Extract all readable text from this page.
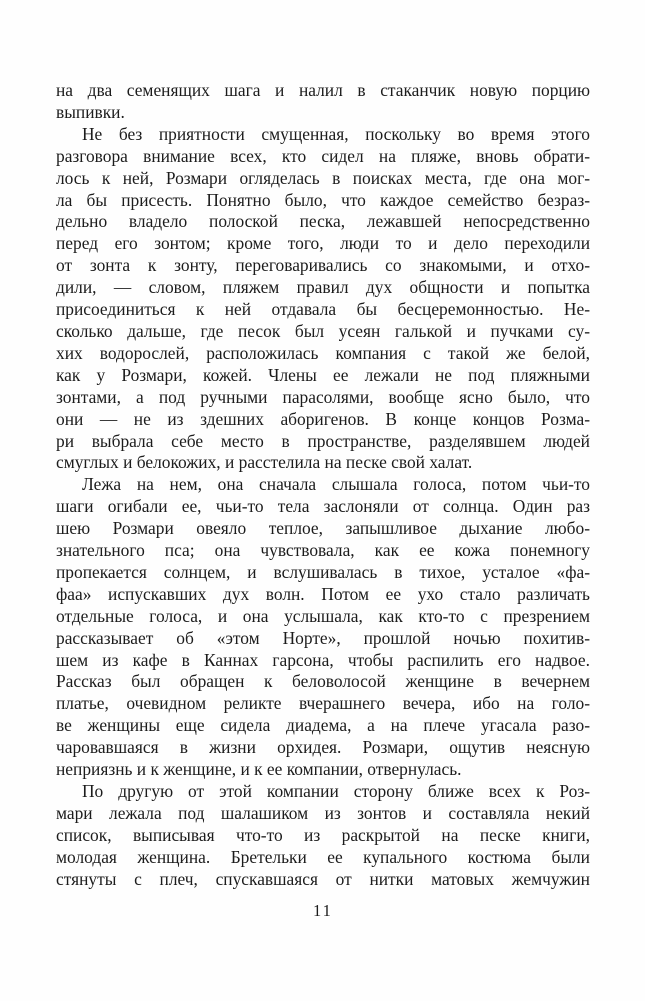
на два семенящих шага и налил в стаканчик новую порцию
выпивки.
Не без приятности смущенная, поскольку во время этого
разговора внимание всех, кто сидел на пляже, вновь обрати-
лось к ней, Розмари огляделась в поисках места, где она мог-
ла бы присесть. Понятно было, что каждое семейство безраз-
дельно владело полоской песка, лежавшей непосредственно
перед его зонтом; кроме того, люди то и дело переходили
от зонта к зонту, переговаривались со знакомыми, и отхо-
дили, — словом, пляжем правил дух общности и попытка
присоединиться к ней отдавала бы бесцеремонностью. Не-
сколько дальше, где песок был усеян галькой и пучками су-
хих водорослей, расположилась компания с такой же белой,
как у Розмари, кожей. Члены ее лежали не под пляжными
зонтами, а под ручными парасолями, вообще ясно было, что
они — не из здешних аборигенов. В конце концов Розма-
ри выбрала себе место в пространстве, разделявшем людей
смуглых и белокожих, и расстелила на песке свой халат.
Лежа на нем, она сначала слышала голоса, потом чьи-то
шаги огибали ее, чьи-то тела заслоняли от солнца. Один раз
шею Розмари овеяло теплое, запышливое дыхание любо-
знательного пса; она чувствовала, как ее кожа понемногу
пропекается солнцем, и вслушивалась в тихое, усталое «фа-
фаа» испускавших дух волн. Потом ее ухо стало различать
отдельные голоса, и она услышала, как кто-то с презрением
рассказывает об «этом Норте», прошлой ночью похитив-
шем из кафе в Каннах гарсона, чтобы распилить его надвое.
Рассказ был обращен к беловолосой женщине в вечернем
платье, очевидном реликте вчерашнего вечера, ибо на голо-
ве женщины еще сидела диадема, а на плече угасала разо-
чаровавшаяся в жизни орхидея. Розмари, ощутив неясную
неприязнь и к женщине, и к ее компании, отвернулась.
По другую от этой компании сторону ближе всех к Роз-
мари лежала под шалашиком из зонтов и составляла некий
список, выписывая что-то из раскрытой на песке книги,
молодая женщина. Бретельки ее купального костюма были
стянуты с плеч, спускавшаяся от нитки матовых жемчужин
11
